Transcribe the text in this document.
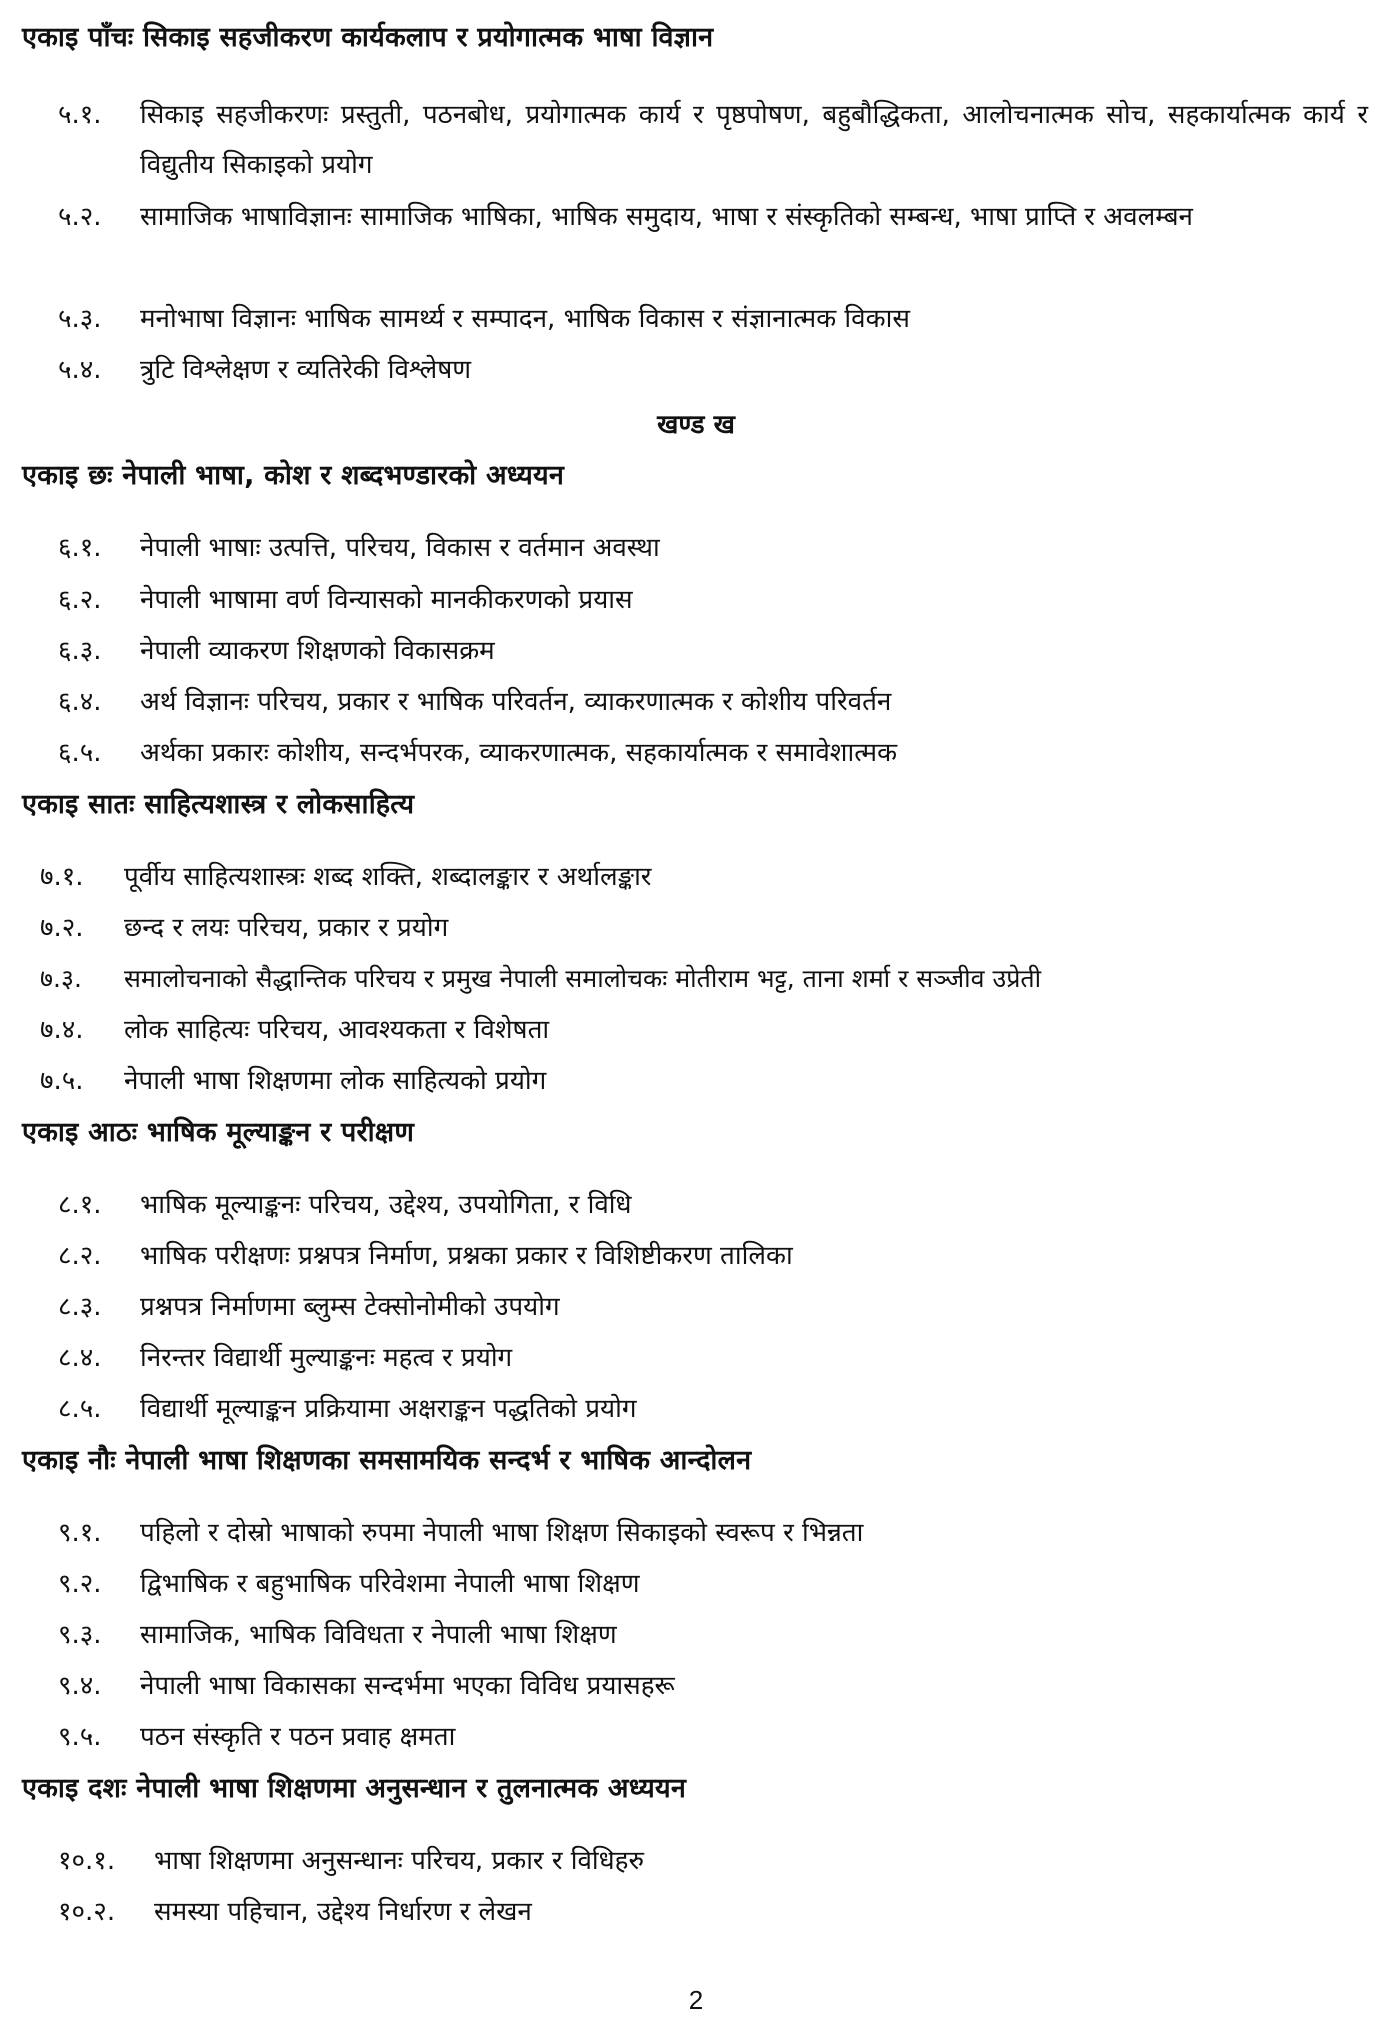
एकाइ पाँचः सिकाइ सहजीकरण कार्यकलाप र प्रयोगात्मक भाषा विज्ञान
५.१.	सिकाइ सहजीकरणः प्रस्तुती, पठनबोध, प्रयोगात्मक कार्य र पृष्ठपोषण, बहुबौद्धिकता, आलोचनात्मक सोच, सहकार्यात्मक कार्य र विद्युतीय सिकाइको प्रयोग
५.२.	सामाजिक भाषाविज्ञानः सामाजिक भाषिका, भाषिक समुदाय, भाषा र संस्कृतिको सम्बन्ध, भाषा प्राप्ति र अवलम्बन
५.३. मनोभाषा विज्ञानः भाषिक सामर्थ्य र सम्पादन, भाषिक विकास र संज्ञानात्मक विकास
५.४. त्रुटि विश्लेक्षण र व्यतिरेकी विश्लेषण
खण्ड ख
एकाइ छः नेपाली भाषा, कोश र शब्दभण्डारको अध्ययन
६.१. नेपाली भाषाः उत्पत्ति, परिचय, विकास र वर्तमान अवस्था
६.२. नेपाली भाषामा वर्ण विन्यासको मानकीकरणको प्रयास
६.३. नेपाली व्याकरण शिक्षणको विकासक्रम
६.४. अर्थ विज्ञानः परिचय, प्रकार र भाषिक परिवर्तन, व्याकरणात्मक र कोशीय परिवर्तन
६.५. अर्थका प्रकारः कोशीय, सन्दर्भपरक, व्याकरणात्मक, सहकार्यात्मक र समावेशात्मक
एकाइ सातः साहित्यशास्त्र र लोकसाहित्य
७.१. पूर्वीय साहित्यशास्त्रः शब्द शक्ति, शब्दालङ्कार र अर्थालङ्कार
७.२. छन्द र लयः परिचय, प्रकार र प्रयोग
७.३. समालोचनाको सैद्धान्तिक परिचय र प्रमुख नेपाली समालोचकः मोतीराम भट्ट, ताना शर्मा र सञ्जीव उप्रेती
७.४. लोक साहित्यः परिचय, आवश्यकता र विशेषता
७.५. नेपाली भाषा शिक्षणमा लोक साहित्यको प्रयोग
एकाइ आठः भाषिक मूल्याङ्कन र परीक्षण
८.१. भाषिक मूल्याङ्कनः परिचय, उद्देश्य, उपयोगिता, र विधि
८.२. भाषिक परीक्षणः प्रश्नपत्र निर्माण, प्रश्नका प्रकार र विशिष्टीकरण तालिका
८.३. प्रश्नपत्र निर्माणमा ब्लुम्स टेक्सोनोमीको उपयोग
८.४. निरन्तर विद्यार्थी मुल्याङ्कनः महत्व र प्रयोग
८.५. विद्यार्थी मूल्याङ्कन प्रक्रियामा अक्षराङ्कन पद्धतिको प्रयोग
एकाइ नौः नेपाली भाषा शिक्षणका समसामयिक सन्दर्भ र भाषिक आन्दोलन
९.१. पहिलो र दोस्रो भाषाको रुपमा नेपाली भाषा शिक्षण सिकाइको स्वरूप र भिन्नता
९.२. द्विभाषिक र बहुभाषिक परिवेशमा नेपाली भाषा शिक्षण
९.३. सामाजिक, भाषिक विविधता र नेपाली भाषा शिक्षण
९.४. नेपाली भाषा विकासका सन्दर्भमा भएका विविध प्रयासहरू
९.५. पठन संस्कृति र पठन प्रवाह क्षमता
एकाइ दशः नेपाली भाषा शिक्षणमा अनुसन्धान र तुलनात्मक अध्ययन
१०.१. भाषा शिक्षणमा अनुसन्धानः परिचय, प्रकार र विधिहरु
१०.२. समस्या पहिचान, उद्देश्य निर्धारण र लेखन
2
